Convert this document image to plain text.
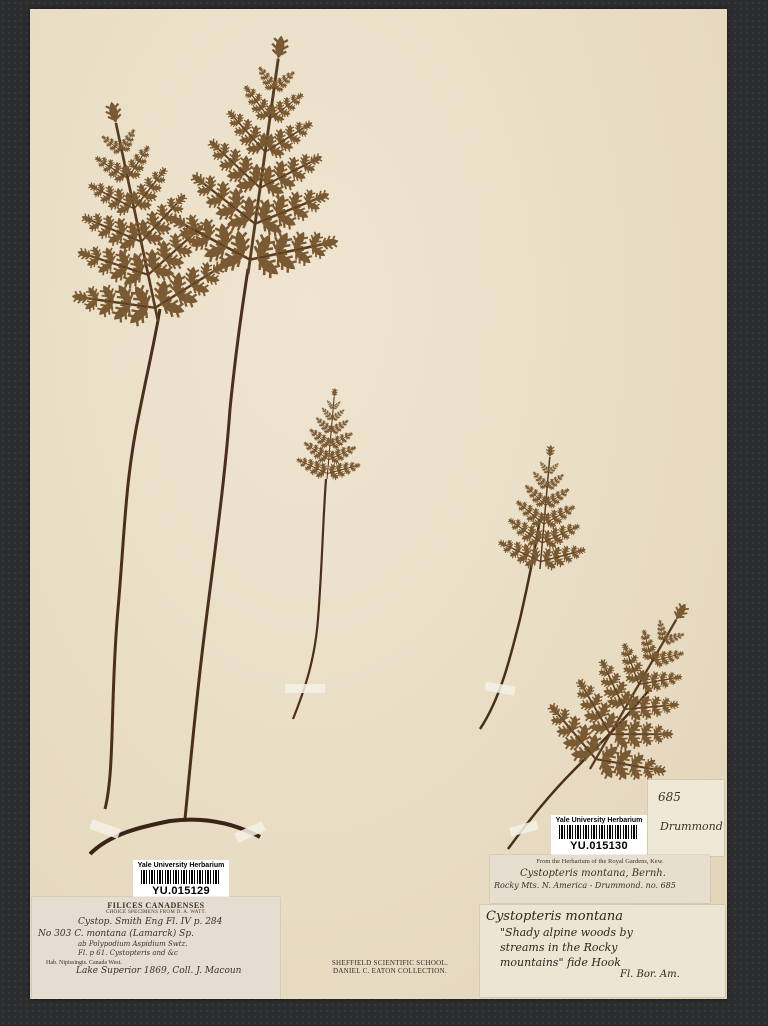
Yale University Herbarium
YU.015129
Yale University Herbarium
YU.015130
685
Drummond
FILICES CANADENSES
CHOICE SPECIMENS FROM D. A. WATT.
Cystop. Smith Eng Fl. IV p. 284
No 303 C. montana (Lamarck) Sp.
ab Polypodium Aspidium Swtz.
Fl. p 61. Cystopteris and &c
Hab. Nipissingis. Canada West.
Lake Superior 1869, Coll. J. Macoun
SHEFFIELD SCIENTIFIC SCHOOL.
DANIEL C. EATON COLLECTION.
From the Herbarium of the Royal Gardens, Kew.
Cystopteris montana, Bernh.
Rocky Mts. N. America - Drummond. no. 685
Cystopteris montana
"Shady alpine woods by
streams in the Rocky
mountains" fide Hook
Fl. Bor. Am.
